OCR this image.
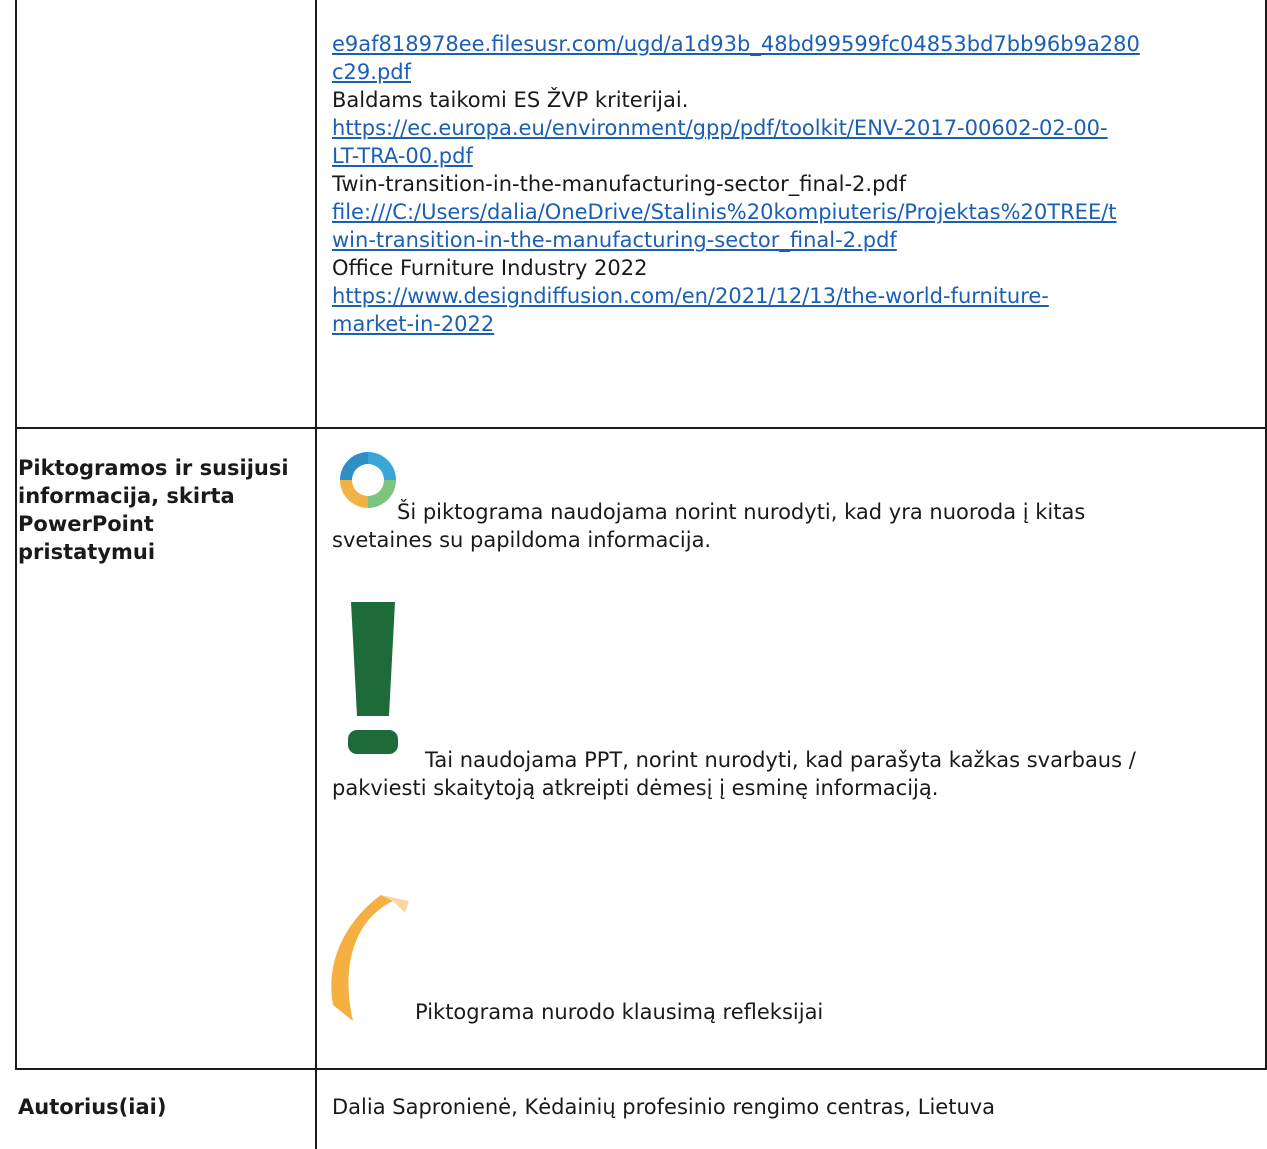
e9af818978ee.filesusr.com/ugd/a1d93b_48bd99599fc04853bd7bb96b9a280
c29.pdf
Baldams taikomi ES ŽVP kriterijai.
https://ec.europa.eu/environment/gpp/pdf/toolkit/ENV-2017-00602-02-00-
LT-TRA-00.pdf
Twin-transition-in-the-manufacturing-sector_final-2.pdf
file:///C:/Users/dalia/OneDrive/Stalinis%20kompiuteris/Projektas%20TREE/t
win-transition-in-the-manufacturing-sector_final-2.pdf
Office Furniture Industry 2022
https://www.designdiffusion.com/en/2021/12/13/the-world-furniture-
market-in-2022
Piktogramos ir susijusi
informacija, skirta
PowerPoint
pristatymui
Ši piktograma naudojama norint nurodyti, kad yra nuoroda į kitas
svetaines su papildoma informacija.
Tai naudojama PPT, norint nurodyti, kad parašyta kažkas svarbaus /
pakviesti skaitytoją atkreipti dėmesį į esminę informaciją.
Piktograma nurodo klausimą refleksijai
Autorius(iai)	Dalia Sapronienė, Kėdainių profesinio rengimo centras, Lietuva
